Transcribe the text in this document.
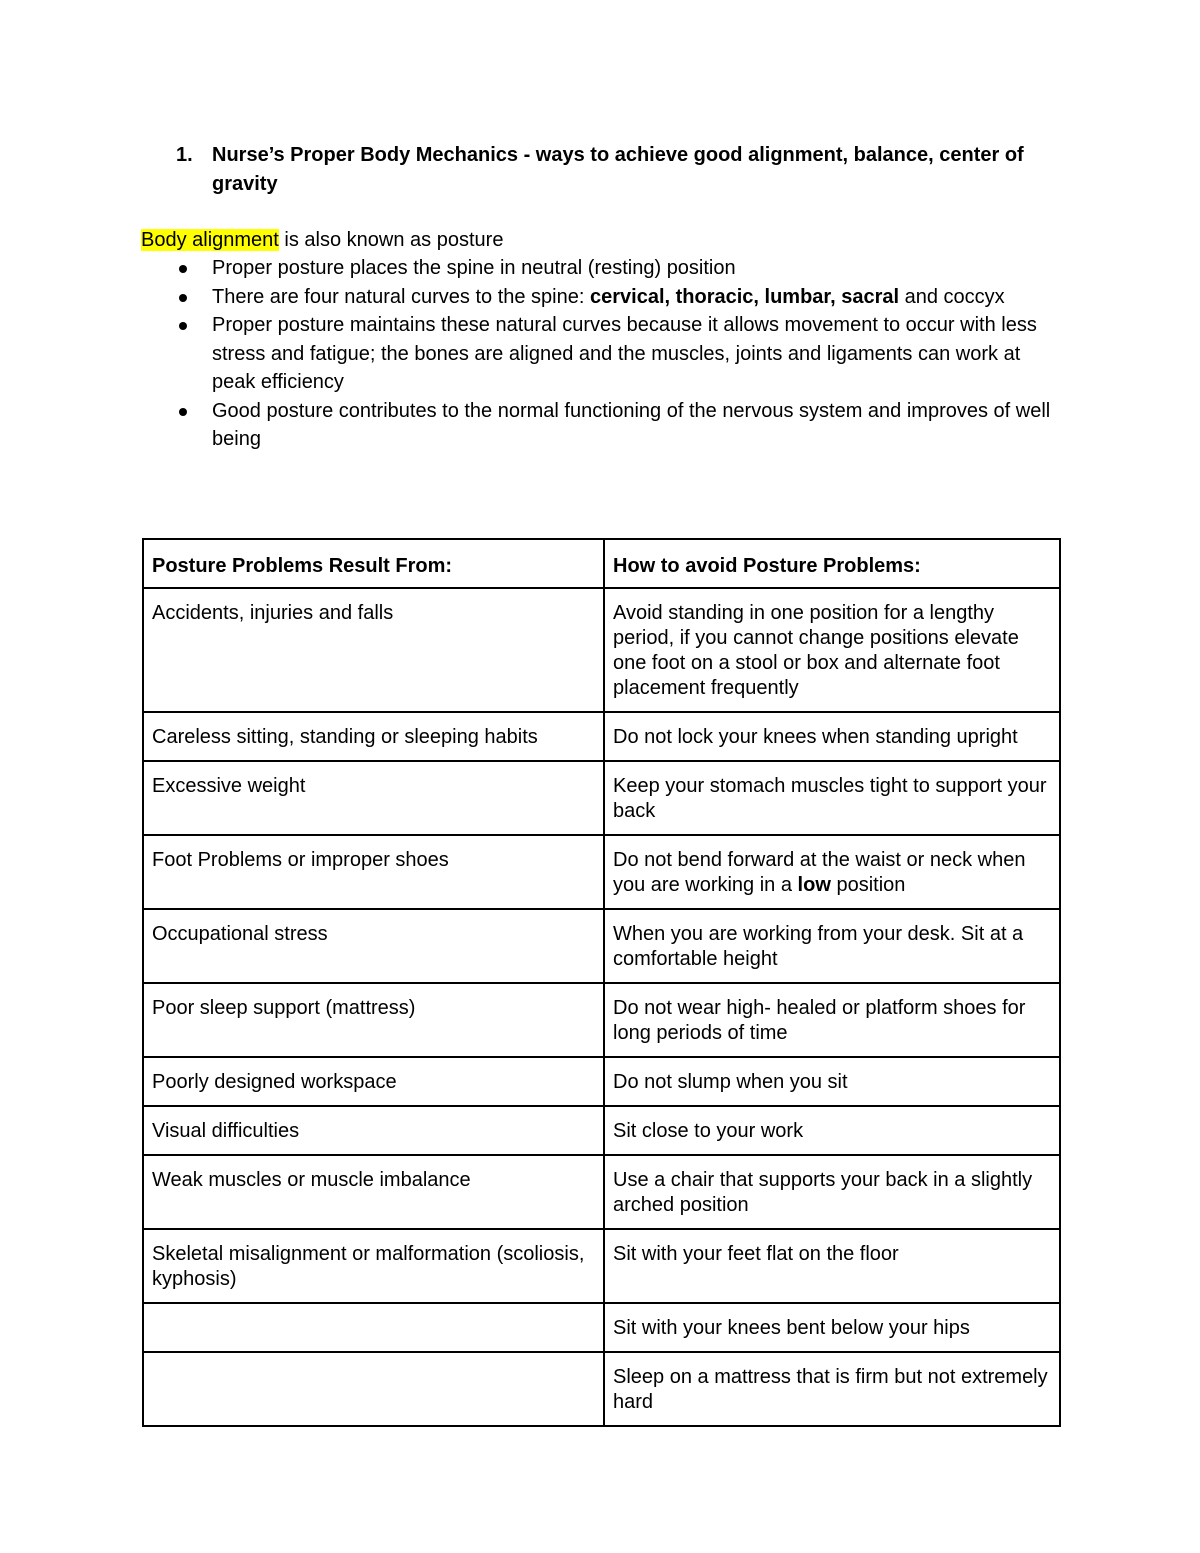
1. Nurse’s Proper Body Mechanics - ways to achieve good alignment, balance, center of gravity
Body alignment is also known as posture
Proper posture places the spine in neutral (resting) position
There are four natural curves to the spine: cervical, thoracic, lumbar, sacral and coccyx
Proper posture maintains these natural curves because it allows movement to occur with less stress and fatigue; the bones are aligned and the muscles, joints and ligaments can work at peak efficiency
Good posture contributes to the normal functioning of the nervous system and improves of well being
Posture Problems Result From:	How to avoid Posture Problems:
Accidents, injuries and falls	Avoid standing in one position for a lengthy period, if you cannot change positions elevate one foot on a stool or box and alternate foot placement frequently
Careless sitting, standing or sleeping habits	Do not lock your knees when standing upright
Excessive weight	Keep your stomach muscles tight to support your back
Foot Problems or improper shoes	Do not bend forward at the waist or neck when you are working in a low position
Occupational stress	When you are working from your desk. Sit at a comfortable height
Poor sleep support (mattress)	Do not wear high- healed or platform shoes for long periods of time
Poorly designed workspace	Do not slump when you sit
Visual difficulties	Sit close to your work
Weak muscles or muscle imbalance	Use a chair that supports your back in a slightly arched position
Skeletal misalignment or malformation (scoliosis, kyphosis)	Sit with your feet flat on the floor
	Sit with your knees bent below your hips
	Sleep on a mattress that is firm but not extremely hard
